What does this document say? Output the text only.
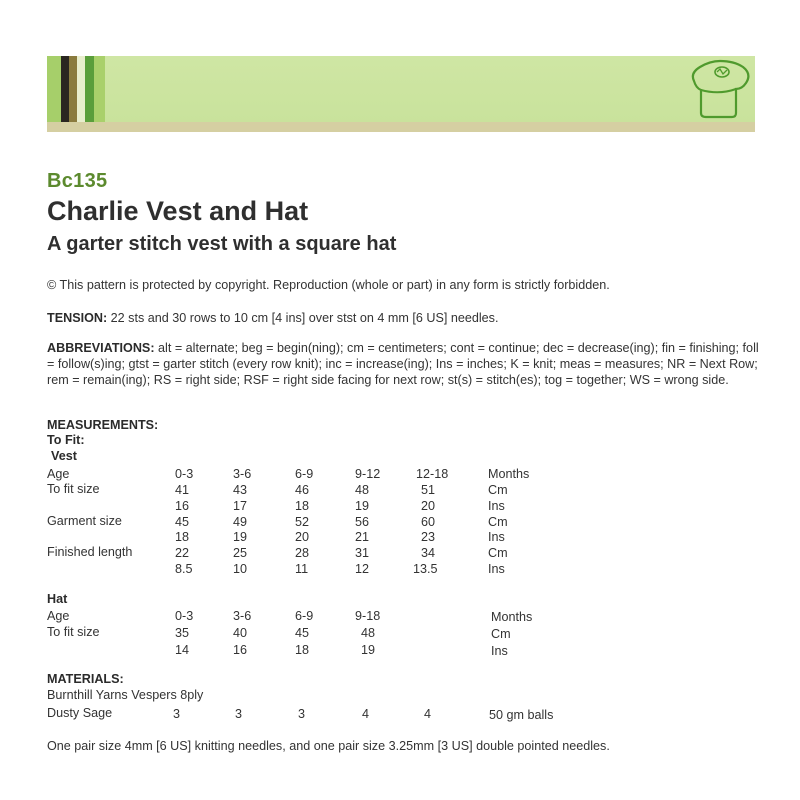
Bc135
Charlie Vest and Hat
A garter stitch vest with a square hat
© This pattern is protected by copyright. Reproduction (whole or part) in any form is strictly forbidden.
TENSION: 22 sts and 30 rows to 10 cm [4 ins] over stst on 4 mm [6 US] needles.
ABBREVIATIONS: alt = alternate; beg = begin(ning); cm = centimeters; cont = continue; dec = decrease(ing); fin = finishing; foll = follow(s)ing; gtst = garter stitch (every row knit); inc = increase(ing); Ins = inches; K = knit; meas = measures; NR = Next Row; rem = remain(ing); RS = right side; RSF = right side facing for next row; st(s) = stitch(es); tog = together; WS = wrong side.
MEASUREMENTS:
To Fit:
Vest
Age	0-3	3-6	6-9	9-12	12-18	Months
To fit size	41	43	46	48	51	Cm
16	17	18	19	20	Ins
Garment size	45	49	52	56	60	Cm
18	19	20	21	23	Ins
Finished length	22	25	28	31	34	Cm
8.5	10	11	12	13.5	Ins
Hat
Age	0-3	3-6	6-9	9-18	Months
To fit size	35	40	45	48	Cm
14	16	18	19	Ins
MATERIALS:
Burnthill Yarns Vespers 8ply
Dusty Sage	3	3	3	4	4	50 gm balls
One pair size 4mm [6 US] knitting needles, and one pair size 3.25mm [3 US] double pointed needles.
